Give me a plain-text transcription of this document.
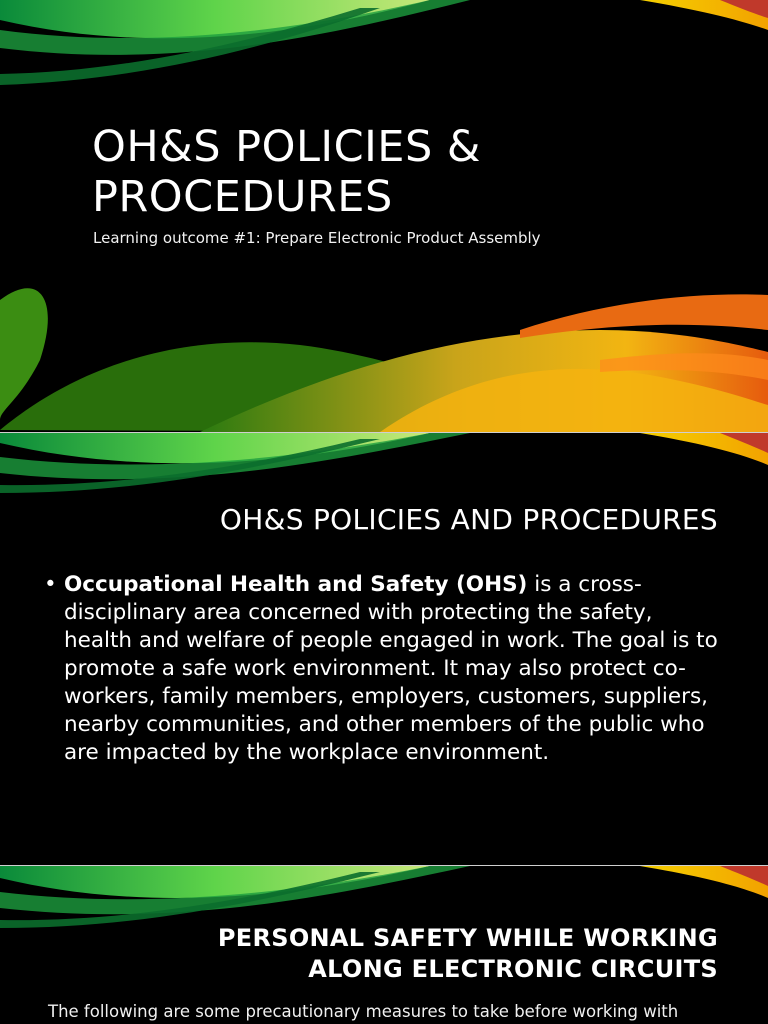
OH&S POLICIES & PROCEDURES

Learning outcome #1: Prepare Electronic Product Assembly

OH&S POLICIES AND PROCEDURES
• Occupational Health and Safety (OHS) is a cross-disciplinary area concerned with protecting the safety, health and welfare of people engaged in work. The goal is to promote a safe work environment. It may also protect co-workers, family members, employers, customers, suppliers, nearby communities, and other members of the public who are impacted by the workplace environment.
PERSONAL SAFETY WHILE WORKING ALONG ELECTRONIC CIRCUITS

The following are some precautionary measures to take before working with
